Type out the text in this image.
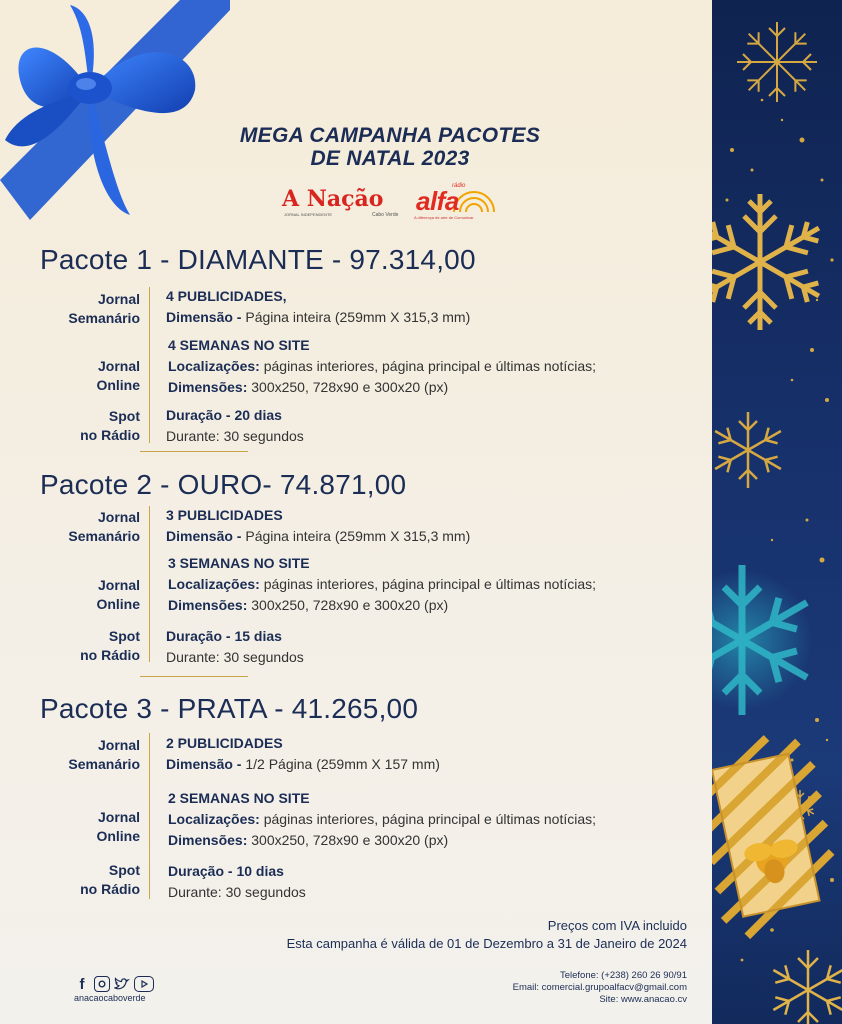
MEGA CAMPANHA PACOTES
DE NATAL 2023
A Nação
JORNAL INDEPENDENTE	Cabo Verde alfa
rádio
A diferença de arte de Comunicar
Pacote 1 - DIAMANTE - 97.314,00
Jornal
Semanário
Jornal
Online
Spot
no Rádio
4 PUBLICIDADES,
Dimensão - Página inteira (259mm X 315,3 mm)
4 SEMANAS NO SITE
Localizações: páginas interiores, página principal e últimas notícias;
Dimensões: 300x250, 728x90 e 300x20 (px)
Duração - 20 dias
Durante: 30 segundos
Pacote 2 - OURO- 74.871,00
Jornal
Semanário
Jornal
Online
Spot
no Rádio
3 PUBLICIDADES
Dimensão - Página inteira (259mm X 315,3 mm)
3 SEMANAS NO SITE
Localizações: páginas interiores, página principal e últimas notícias;
Dimensões: 300x250, 728x90 e 300x20 (px)
Duração - 15 dias
Durante: 30 segundos
Pacote 3 - PRATA - 41.265,00
Jornal
Semanário
Jornal
Online
Spot
no Rádio
2 PUBLICIDADES
Dimensão - 1/2 Página (259mm X 157 mm)
2 SEMANAS NO SITE
Localizações: páginas interiores, página principal e últimas notícias;
Dimensões: 300x250, 728x90 e 300x20 (px)
Duração - 10 dias
Durante: 30 segundos
Preços com IVA incluido
Esta campanha é válida de 01 de Dezembro a 31 de Janeiro de 2024
f
anacaocaboverde
Telefone: (+238) 260 26 90/91
Email: comercial.grupoalfacv@gmail.com
Site: www.anacao.cv
